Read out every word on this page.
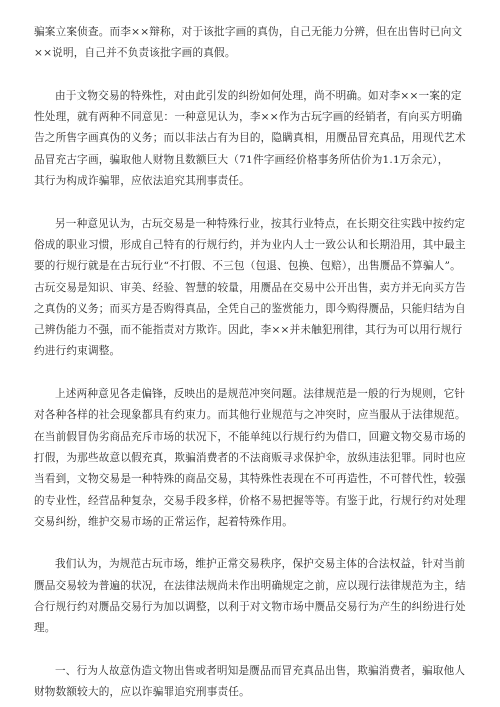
骗案立案侦查。而李××辩称，对于该批字画的真伪，自己无能力分辨，但在出售时已向文
××说明，自己并不负责该批字画的真假。

由于文物交易的特殊性，对由此引发的纠纷如何处理，尚不明确。如对李××一案的定
性处理，就有两种不同意见：一种意见认为，李××作为古玩字画的经销者，有向买方明确
告之所售字画真伪的义务；而以非法占有为目的，隐瞒真相，用赝品冒充真品，用现代艺术
品冒充古字画，骗取他人财物且数额巨大（71件字画经价格事务所估价为1.1万余元），
其行为构成诈骗罪，应依法追究其刑事责任。

另一种意见认为，古玩交易是一种特殊行业，按其行业特点，在长期交往实践中按约定
俗成的职业习惯，形成自己特有的行规行约，并为业内人士一致公认和长期沿用，其中最主
要的行规行就是在古玩行业“不打假、不三包（包退、包换、包赔），出售赝品不算骗人”。
古玩交易是知识、审美、经验、智慧的较量，用赝品在交易中公开出售，卖方并无向买方告
之真伪的义务；而买方是否购得真品，全凭自己的鉴赏能力，即今购得赝品，只能归结为自
己辨伪能力不强，而不能指责对方欺诈。因此，李××并未触犯刑律，其行为可以用行规行
约进行约束调整。

上述两种意见各走偏锋，反映出的是规范冲突问题。法律规范是一般的行为规则，它针
对各种各样的社会现象都具有约束力。而其他行业规范与之冲突时，应当服从于法律规范。
在当前假冒伪劣商品充斥市场的状况下，不能单纯以行规行约为借口，回避文物交易市场的
打假，为那些故意以假充真，欺骗消费者的不法商贩寻求保护伞，放纵违法犯罪。同时也应
当看到，文物交易是一种特殊的商品交易，其特殊性表现在不可再造性，不可替代性，较强
的专业性，经营品种复杂，交易手段多样，价格不易把握等等。有鉴于此，行规行约对处理
交易纠纷，维护交易市场的正常运作，起着特殊作用。

我们认为，为规范古玩市场，维护正常交易秩序，保护交易主体的合法权益，针对当前
赝品交易较为普遍的状况，在法律法规尚未作出明确规定之前，应以现行法律规范为主，结
合行规行约对赝品交易行为加以调整，以利于对文物市场中赝品交易行为产生的纠纷进行处
理。

一、行为人故意伪造文物出售或者明知是赝品而冒充真品出售，欺骗消费者，骗取他人
财物数额较大的，应以诈骗罪追究刑事责任。
